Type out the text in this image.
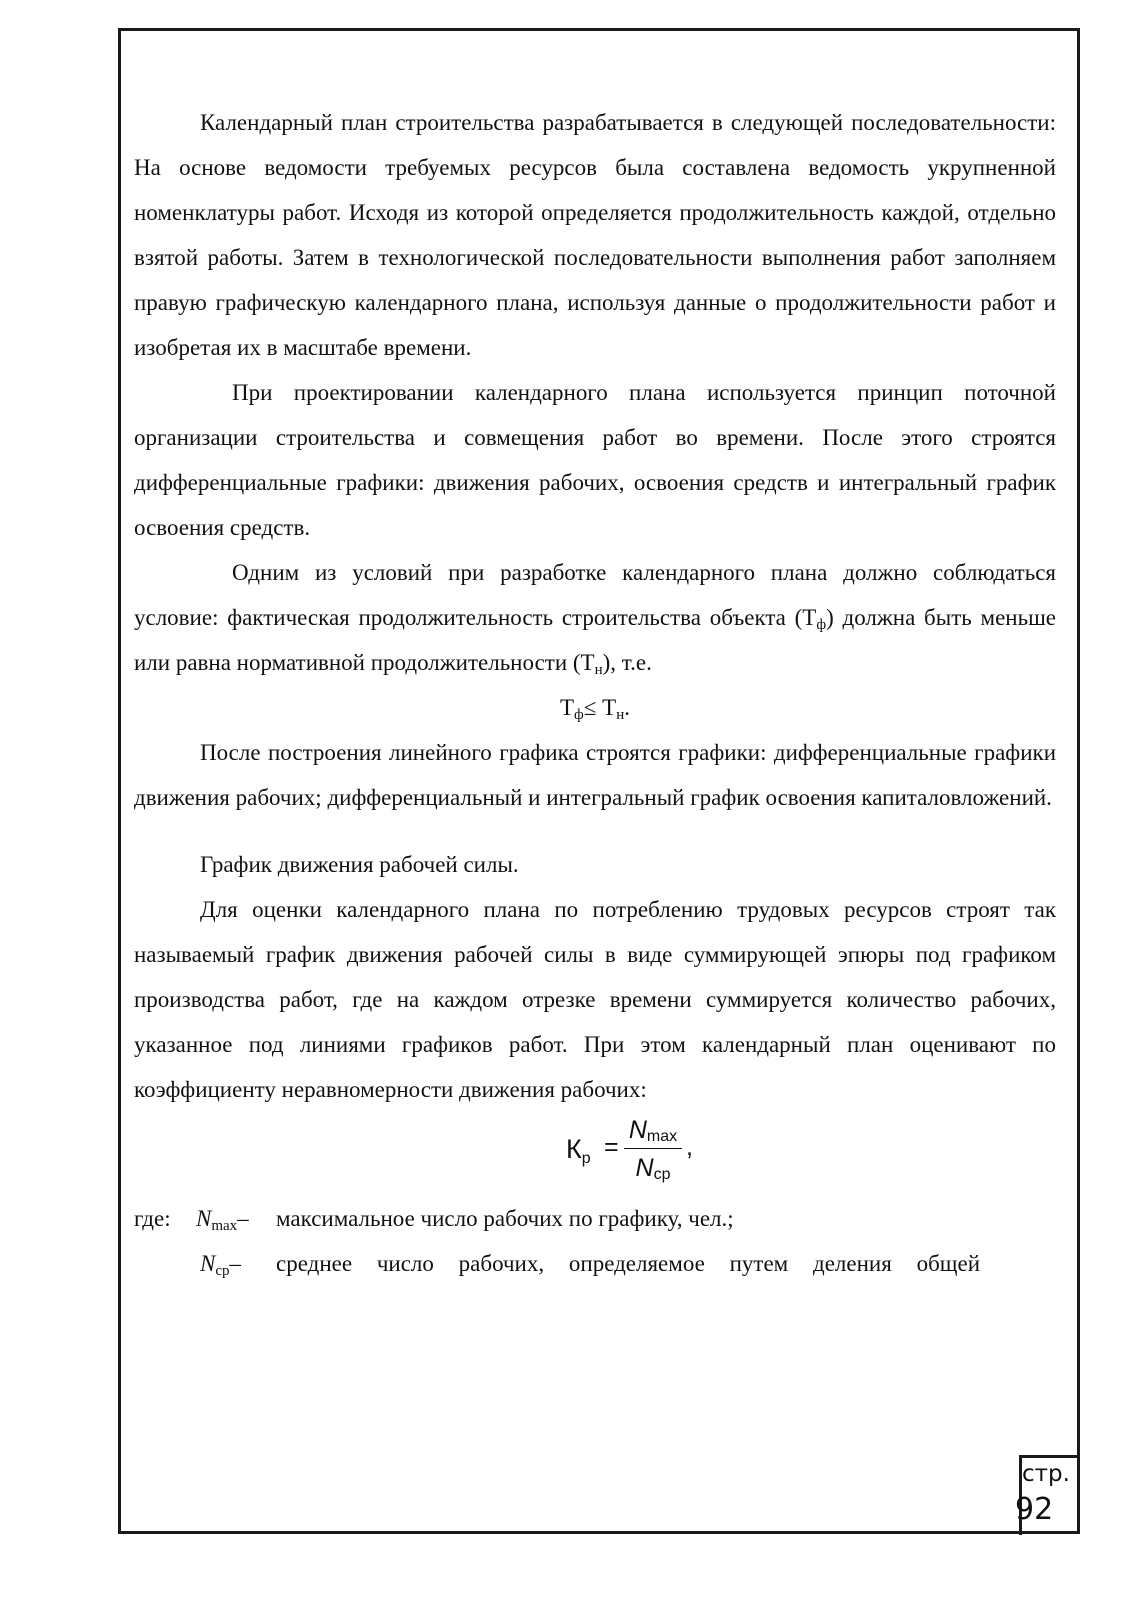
Календарный план строительства разрабатывается в следующей последовательности: На основе ведомости требуемых ресурсов была составлена ведомость укрупненной номенклатуры работ. Исходя из которой определяется продолжительность каждой, отдельно взятой работы. Затем в технологической последовательности выполнения работ заполняем правую графическую календарного плана, используя данные о продолжительности работ и изобретая их в масштабе времени.

При проектировании календарного плана используется принцип поточной организации строительства и совмещения работ во времени. После этого строятся дифференциальные графики: движения рабочих, освоения средств и интегральный график освоения средств.

Одним из условий при разработке календарного плана должно соблюдаться условие: фактическая продолжительность строительства объекта $(Т_ф)$ должна быть меньше или равна нормативной продолжительности $(Т_н)$, т.е.

$Т_ф\le Т_н$.

После построения линейного графика строятся графики: дифференциальные графики движения рабочих; дифференциальный и интегральный график освоения капиталовложений.

График движения рабочей силы.

Для оценки календарного плана по потреблению трудовых ресурсов строят так называемый график движения рабочей силы в виде суммирующей эпюры под графиком производства работ, где на каждом отрезке времени суммируется количество рабочих, указанное под линиями графиков работ. При этом календарный план оценивают по коэффициенту неравномерности движения рабочих:

$К_р$ =
$N_{max}$
$N_{ср}$
,
где: $N_{max}$ – максимальное число рабочих по графику, чел.;
$N_{ср}$ – среднее число рабочих, определяемое путем деления общей
стр.
92
